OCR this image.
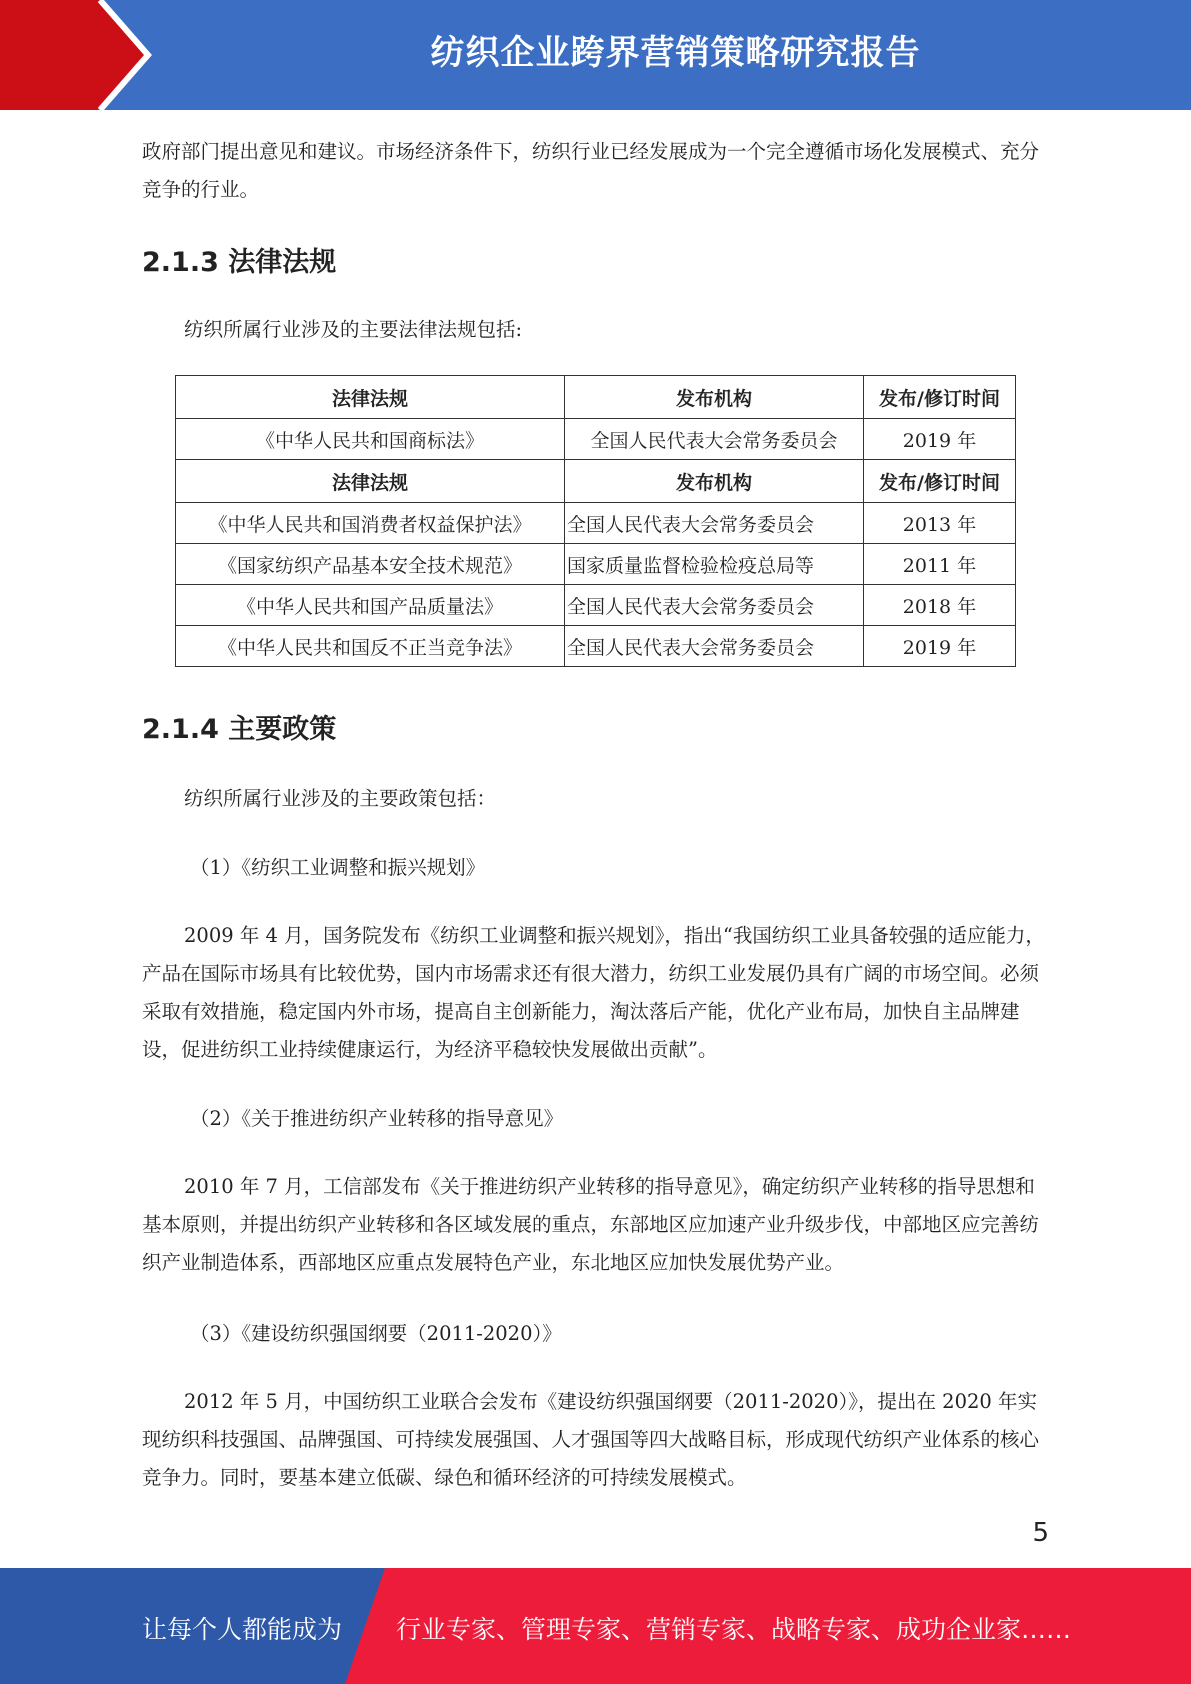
纺织企业跨界营销策略研究报告

政府部门提出意见和建议。市场经济条件下，纺织行业已经发展成为一个完全遵循市场化发展模式、充分竞争的行业。

2.1.3 法律法规

纺织所属行业涉及的主要法律法规包括:

法律法规	发布机构	发布/修订时间
《中华人民共和国商标法》	全国人民代表大会常务委员会	2019 年
法律法规	发布机构	发布/修订时间
《中华人民共和国消费者权益保护法》	全国人民代表大会常务委员会	2013 年
《国家纺织产品基本安全技术规范》	国家质量监督检验检疫总局等	2011 年
《中华人民共和国产品质量法》	全国人民代表大会常务委员会	2018 年
《中华人民共和国反不正当竞争法》	全国人民代表大会常务委员会	2019 年
2.1.4 主要政策

纺织所属行业涉及的主要政策包括：

（1）《纺织工业调整和振兴规划》

2009 年 4 月，国务院发布《纺织工业调整和振兴规划》，指出“我国纺织工业具备较强的适应能力，产品在国际市场具有比较优势，国内市场需求还有很大潜力，纺织工业发展仍具有广阔的市场空间。必须采取有效措施，稳定国内外市场，提高自主创新能力，淘汰落后产能，优化产业布局，加快自主品牌建设，促进纺织工业持续健康运行，为经济平稳较快发展做出贡献”。

（2）《关于推进纺织产业转移的指导意见》

2010 年 7 月，工信部发布《关于推进纺织产业转移的指导意见》，确定纺织产业转移的指导思想和基本原则，并提出纺织产业转移和各区域发展的重点，东部地区应加速产业升级步伐，中部地区应完善纺织产业制造体系，西部地区应重点发展特色产业，东北地区应加快发展优势产业。

（3）《建设纺织强国纲要（2011-2020）》

2012 年 5 月，中国纺织工业联合会发布《建设纺织强国纲要（2011-2020）》，提出在 2020 年实现纺织科技强国、品牌强国、可持续发展强国、人才强国等四大战略目标，形成现代纺织产业体系的核心竞争力。同时，要基本建立低碳、绿色和循环经济的可持续发展模式。

5
让每个人都能成为 行业专家、管理专家、营销专家、战略专家、成功企业家……
